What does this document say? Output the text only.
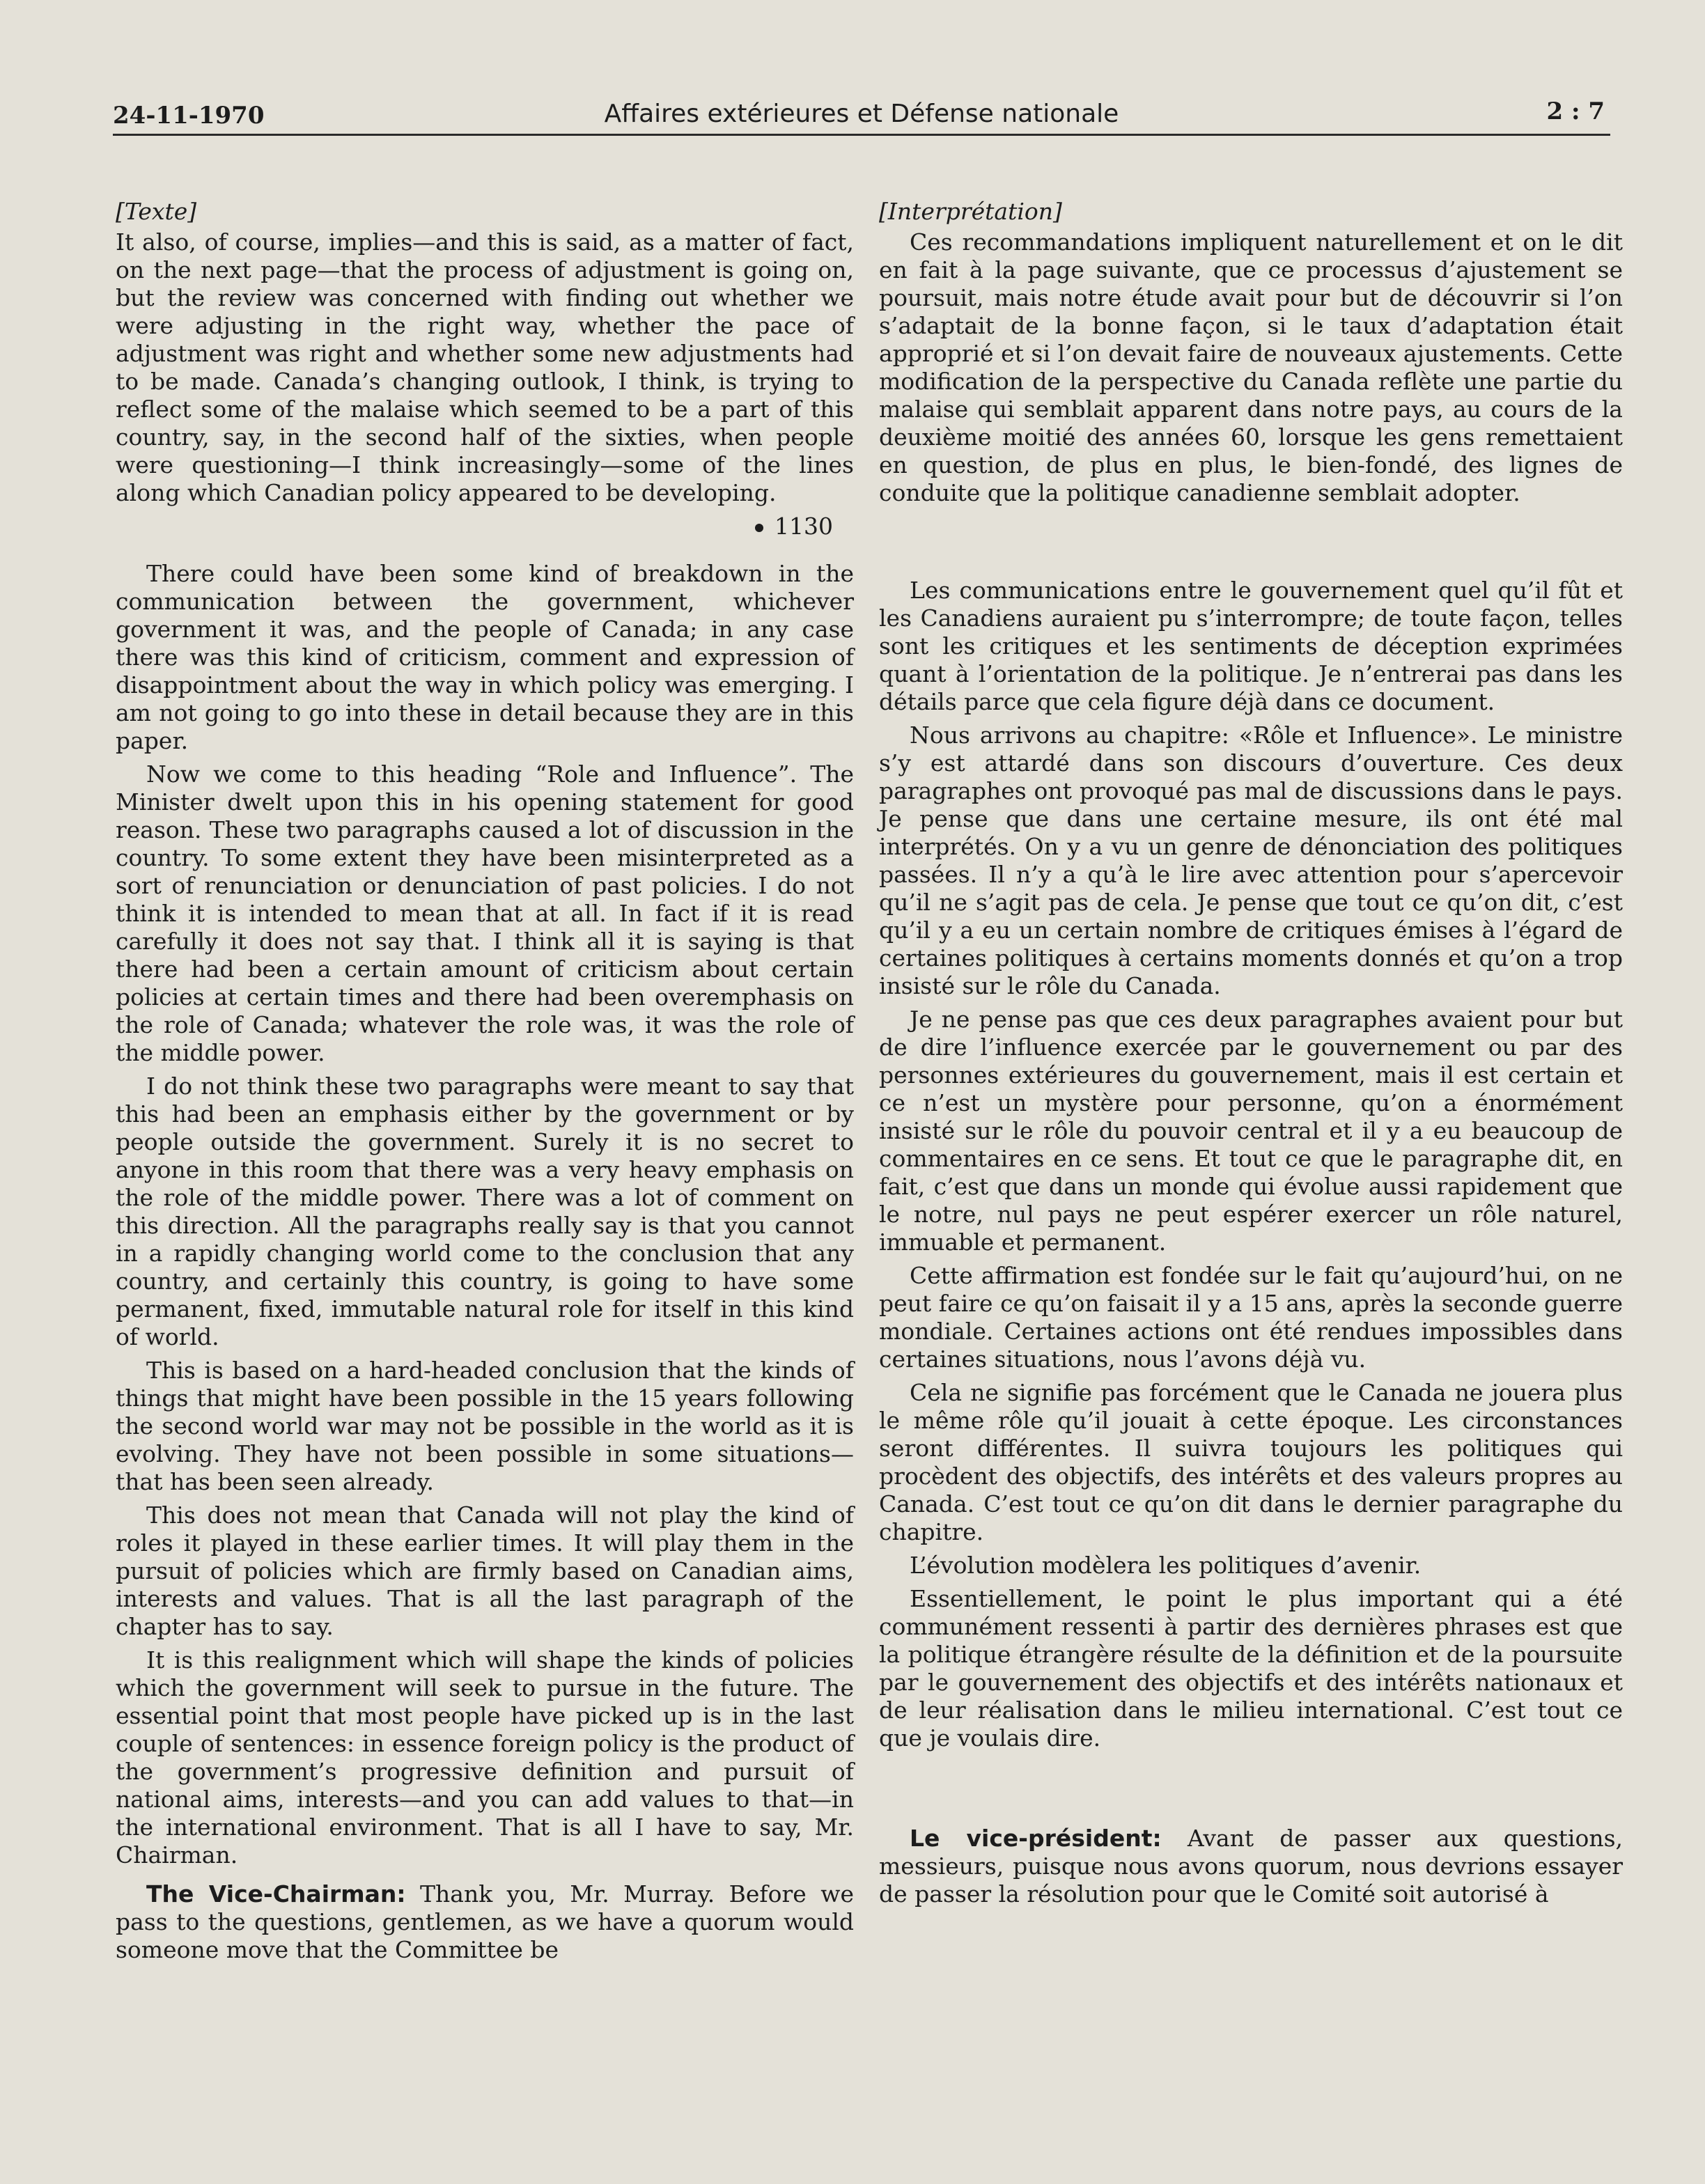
24-11-1970	Affaires extérieures et Défense nationale	2 : 7
[Texte]

It also, of course, implies—and this is said, as a matter of fact, on the next page—that the process of adjustment is going on, but the review was concerned with finding out whether we were adjusting in the right way, whether the pace of adjustment was right and whether some new adjustments had to be made. Canada’s changing outlook, I think, is trying to reflect some of the malaise which seemed to be a part of this country, say, in the second half of the sixties, when people were questioning—I think increasingly—some of the lines along which Canadian policy appeared to be developing.

1130

There could have been some kind of breakdown in the communication between the government, whichever government it was, and the people of Canada; in any case there was this kind of criticism, comment and expression of disappointment about the way in which policy was emerging. I am not going to go into these in detail because they are in this paper.

Now we come to this heading “Role and Influence”. The Minister dwelt upon this in his opening statement for good reason. These two paragraphs caused a lot of discussion in the country. To some extent they have been misinterpreted as a sort of renunciation or denunciation of past policies. I do not think it is intended to mean that at all. In fact if it is read carefully it does not say that. I think all it is saying is that there had been a certain amount of criticism about certain policies at certain times and there had been overemphasis on the role of Canada; whatever the role was, it was the role of the middle power.

I do not think these two paragraphs were meant to say that this had been an emphasis either by the government or by people outside the government. Surely it is no secret to anyone in this room that there was a very heavy emphasis on the role of the middle power. There was a lot of comment on this direction. All the paragraphs really say is that you cannot in a rapidly changing world come to the conclusion that any country, and certainly this country, is going to have some permanent, fixed, immutable natural role for itself in this kind of world.

This is based on a hard-headed conclusion that the kinds of things that might have been possible in the 15 years following the second world war may not be possible in the world as it is evolving. They have not been possible in some situations— that has been seen already.

This does not mean that Canada will not play the kind of roles it played in these earlier times. It will play them in the pursuit of policies which are firmly based on Canadian aims, interests and values. That is all the last paragraph of the chapter has to say.

It is this realignment which will shape the kinds of policies which the government will seek to pursue in the future. The essential point that most people have picked up is in the last couple of sentences: in essence foreign policy is the product of the government’s progressive definition and pursuit of national aims, interests—and you can add values to that—in the international environment. That is all I have to say, Mr. Chairman.

The Vice-Chairman: Thank you, Mr. Murray. Before we pass to the questions, gentlemen, as we have a quorum would someone move that the Committee be

[Interprétation]

Ces recommandations impliquent naturellement et on le dit en fait à la page suivante, que ce processus d’ajustement se poursuit, mais notre étude avait pour but de découvrir si l’on s’adaptait de la bonne façon, si le taux d’adaptation était approprié et si l’on devait faire de nouveaux ajustements. Cette modification de la perspective du Canada reflète une partie du malaise qui semblait apparent dans notre pays, au cours de la deuxième moitié des années 60, lorsque les gens remettaient en question, de plus en plus, le bien-fondé, des lignes de conduite que la politique canadienne semblait adopter.

Les communications entre le gouvernement quel qu’il fût et les Canadiens auraient pu s’interrompre; de toute façon, telles sont les critiques et les sentiments de déception exprimées quant à l’orientation de la politique. Je n’entrerai pas dans les détails parce que cela figure déjà dans ce document.

Nous arrivons au chapitre: «Rôle et Influence». Le ministre s’y est attardé dans son discours d’ouverture. Ces deux paragraphes ont provoqué pas mal de discussions dans le pays. Je pense que dans une certaine mesure, ils ont été mal interprétés. On y a vu un genre de dénonciation des politiques passées. Il n’y a qu’à le lire avec attention pour s’apercevoir qu’il ne s’agit pas de cela. Je pense que tout ce qu’on dit, c’est qu’il y a eu un certain nombre de critiques émises à l’égard de certaines politiques à certains moments donnés et qu’on a trop insisté sur le rôle du Canada.

Je ne pense pas que ces deux paragraphes avaient pour but de dire l’influence exercée par le gouvernement ou par des personnes extérieures du gouvernement, mais il est certain et ce n’est un mystère pour personne, qu’on a énormément insisté sur le rôle du pouvoir central et il y a eu beaucoup de commentaires en ce sens. Et tout ce que le paragraphe dit, en fait, c’est que dans un monde qui évolue aussi rapidement que le notre, nul pays ne peut espérer exercer un rôle naturel, immuable et permanent.

Cette affirmation est fondée sur le fait qu’aujourd’hui, on ne peut faire ce qu’on faisait il y a 15 ans, après la seconde guerre mondiale. Certaines actions ont été rendues impossibles dans certaines situations, nous l’avons déjà vu.

Cela ne signifie pas forcément que le Canada ne jouera plus le même rôle qu’il jouait à cette époque. Les circonstances seront différentes. Il suivra toujours les politiques qui procèdent des objectifs, des intérêts et des valeurs propres au Canada. C’est tout ce qu’on dit dans le dernier paragraphe du chapitre.

L’évolution modèlera les politiques d’avenir.

Essentiellement, le point le plus important qui a été communément ressenti à partir des dernières phrases est que la politique étrangère résulte de la définition et de la poursuite par le gouvernement des objectifs et des intérêts nationaux et de leur réalisation dans le milieu international. C’est tout ce que je voulais dire.

Le vice-président: Avant de passer aux questions, messieurs, puisque nous avons quorum, nous devrions essayer de passer la résolution pour que le Comité soit autorisé à
